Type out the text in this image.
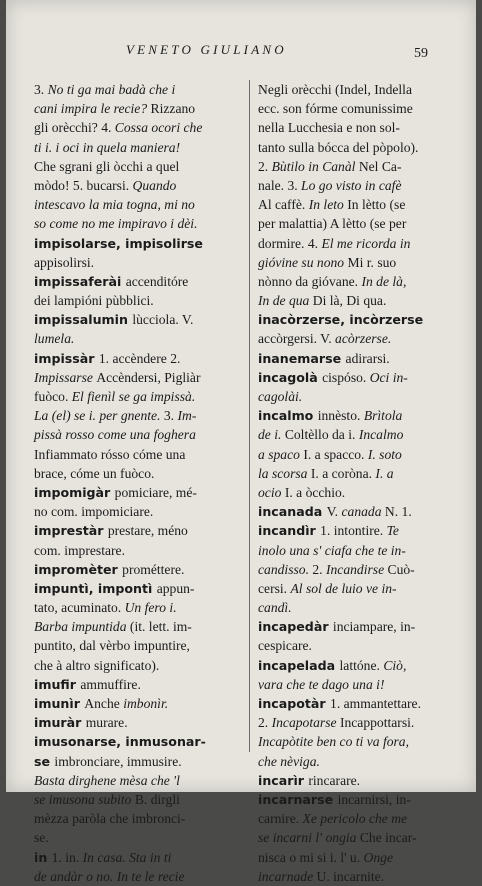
VENETO GIULIANO	59
3. No ti ga mai badà che i
cani impira le recie? Rizzano
gli orècchi? 4. Cossa ocori che
ti i. i oci in quela maniera!
Che sgrani gli òcchi a quel
mòdo! 5. bucarsi. Quando
intescavo la mia togna, mi no
so come no me impiravo i dèi.
impisolarse, impisolirse
appisolirsi.
impissaferài accenditóre
dei lampióni pùbblici.
impissalumin lùcciola. V.
lumela.
impissàr 1. accèndere 2.
Impissarse Accèndersi, Pigliàr
fuòco. El fienìl se ga impissà.
La (el) se i. per gnente. 3. Im-
pissà rosso come una foghera
Infiammato rósso cóme una
brace, cóme un fuòco.
impomigàr pomiciare, mé-
no com. impomiciare.
imprestàr prestare, méno
com. imprestare.
impromèter prométtere.
impuntì, impontì appun-
tato, acuminato. Un fero i.
Barba impuntida (it. lett. im-
puntito, dal vèrbo impuntire,
che à altro significato).
imufir ammuffire.
imunìr Anche imbonìr.
imuràr murare.
imusonarse, inmusonar-
se imbronciare, immusire.
Basta dirghene mèsa che 'l
se imusona subito B. dirgli
mèzza paròla che imbronci-
se.
in 1. in. In casa. Sta in ti
de andàr o no. In te le recie
Negli orècchi (Indel, Indella
ecc. son fórme comunissime
nella Lucchesia e non sol-
tanto sulla bócca del pòpolo).
2. Bùtilo in Canàl Nel Ca-
nale. 3. Lo go visto in cafè
Al caffè. In leto In lètto (se
per malattia) A lètto (se per
dormire. 4. El me ricorda in
gióvine su nono Mi r. suo
nònno da gióvane. In de là,
In de qua Di là, Di qua.
inacòrzerse, incòrzerse
accòrgersi. V. acòrzerse.
inanemarse adirarsi.
incagolà cispóso. Oci in-
cagolài.
incalmo innèsto. Brìtola
de i. Coltèllo da i. Incalmo
a spaco I. a spacco. I. soto
la scorsa I. a coròna. I. a
ocio I. a òcchio.
incanada V. canada N. 1.
incandìr 1. intontire. Te
inolo una s' ciafa che te in-
candisso. 2. Incandirse Cuò-
cersi. Al sol de luio ve in-
candì.
incapedàr inciampare, in-
cespicare.
incapelada lattóne. Ciò,
vara che te dago una i!
incapotàr 1. ammantettare.
2. Incapotarse Incappottarsi.
Incapòtite ben co ti va fora,
che nèviga.
incarìr rincarare.
incarnarse incarnirsi, in-
carnire. Xe pericolo che me
se incarni l' ongia Che incar-
nisca o mi si i. l' u. Onge
incarnade U. incarnite.
